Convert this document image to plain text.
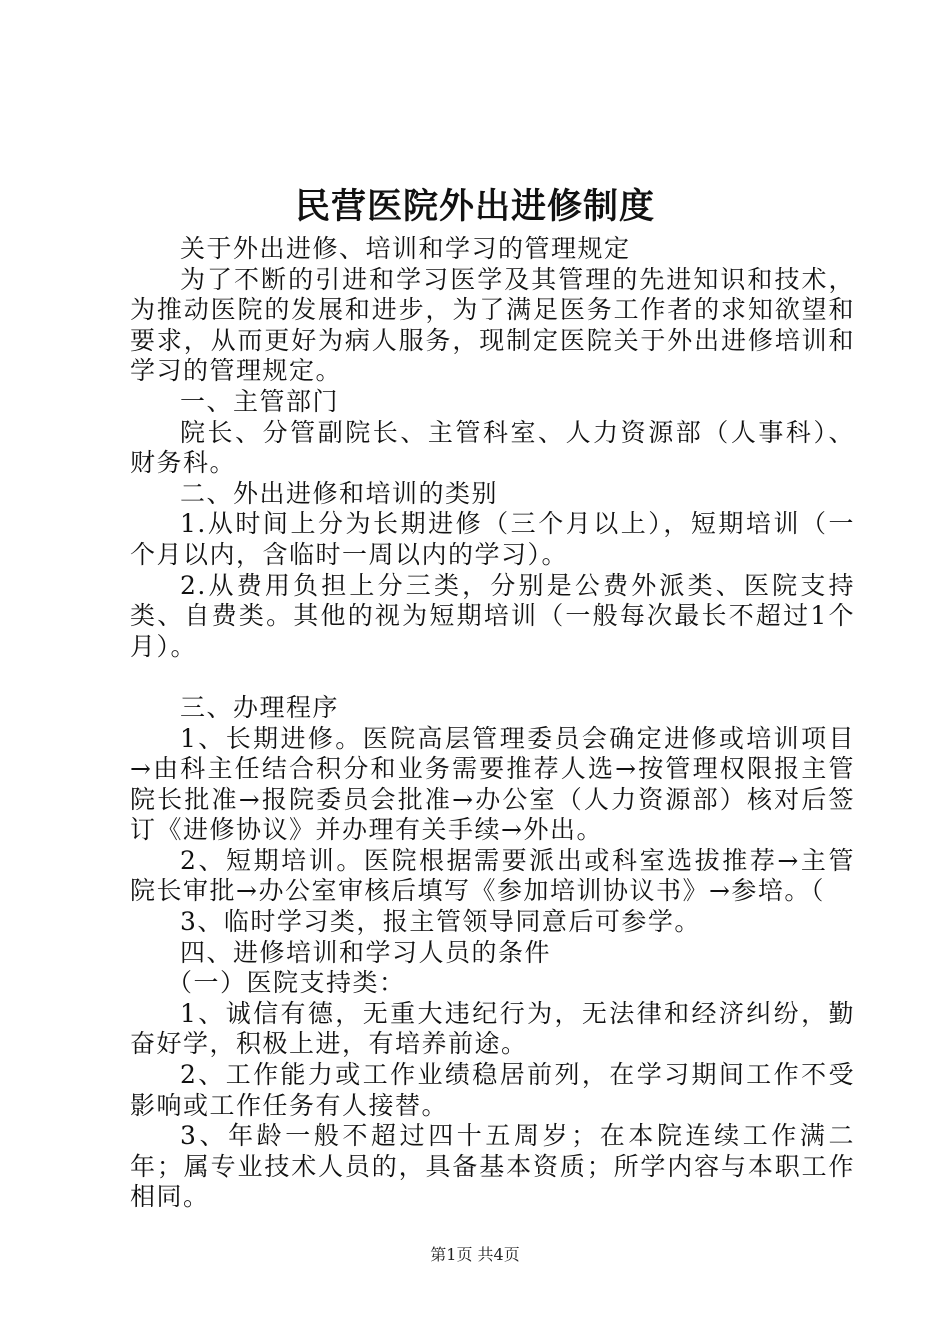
民营医院外出进修制度

关于外出进修、培训和学习的管理规定

为了不断的引进和学习医学及其管理的先进知识和技术，为推动医院的发展和进步，为了满足医务工作者的求知欲望和要求，从而更好为病人服务，现制定医院关于外出进修培训和学习的管理规定。

一、主管部门

院长、分管副院长、主管科室、人力资源部（人事科）、财务科。

二、外出进修和培训的类别

1.从时间上分为长期进修（三个月以上），短期培训（一个月以内，含临时一周以内的学习）。

2.从费用负担上分三类，分别是公费外派类、医院支持类、自费类。其他的视为短期培训（一般每次最长不超过1个月）。

三、办理程序

1、长期进修。医院高层管理委员会确定进修或培训项目→由科主任结合积分和业务需要推荐人选→按管理权限报主管院长批准→报院委员会批准→办公室（人力资源部）核对后签订《进修协议》并办理有关手续→外出。

2、短期培训。医院根据需要派出或科室选拔推荐→主管院长审批→办公室审核后填写《参加培训协议书》→参培。（

3、临时学习类，报主管领导同意后可参学。

四、进修培训和学习人员的条件

（一）医院支持类：

1、诚信有德，无重大违纪行为，无法律和经济纠纷，勤奋好学，积极上进，有培养前途。

2、工作能力或工作业绩稳居前列，在学习期间工作不受影响或工作任务有人接替。

3、年龄一般不超过四十五周岁；在本院连续工作满二年；属专业技术人员的，具备基本资质；所学内容与本职工作相同。

第1页 共4页
